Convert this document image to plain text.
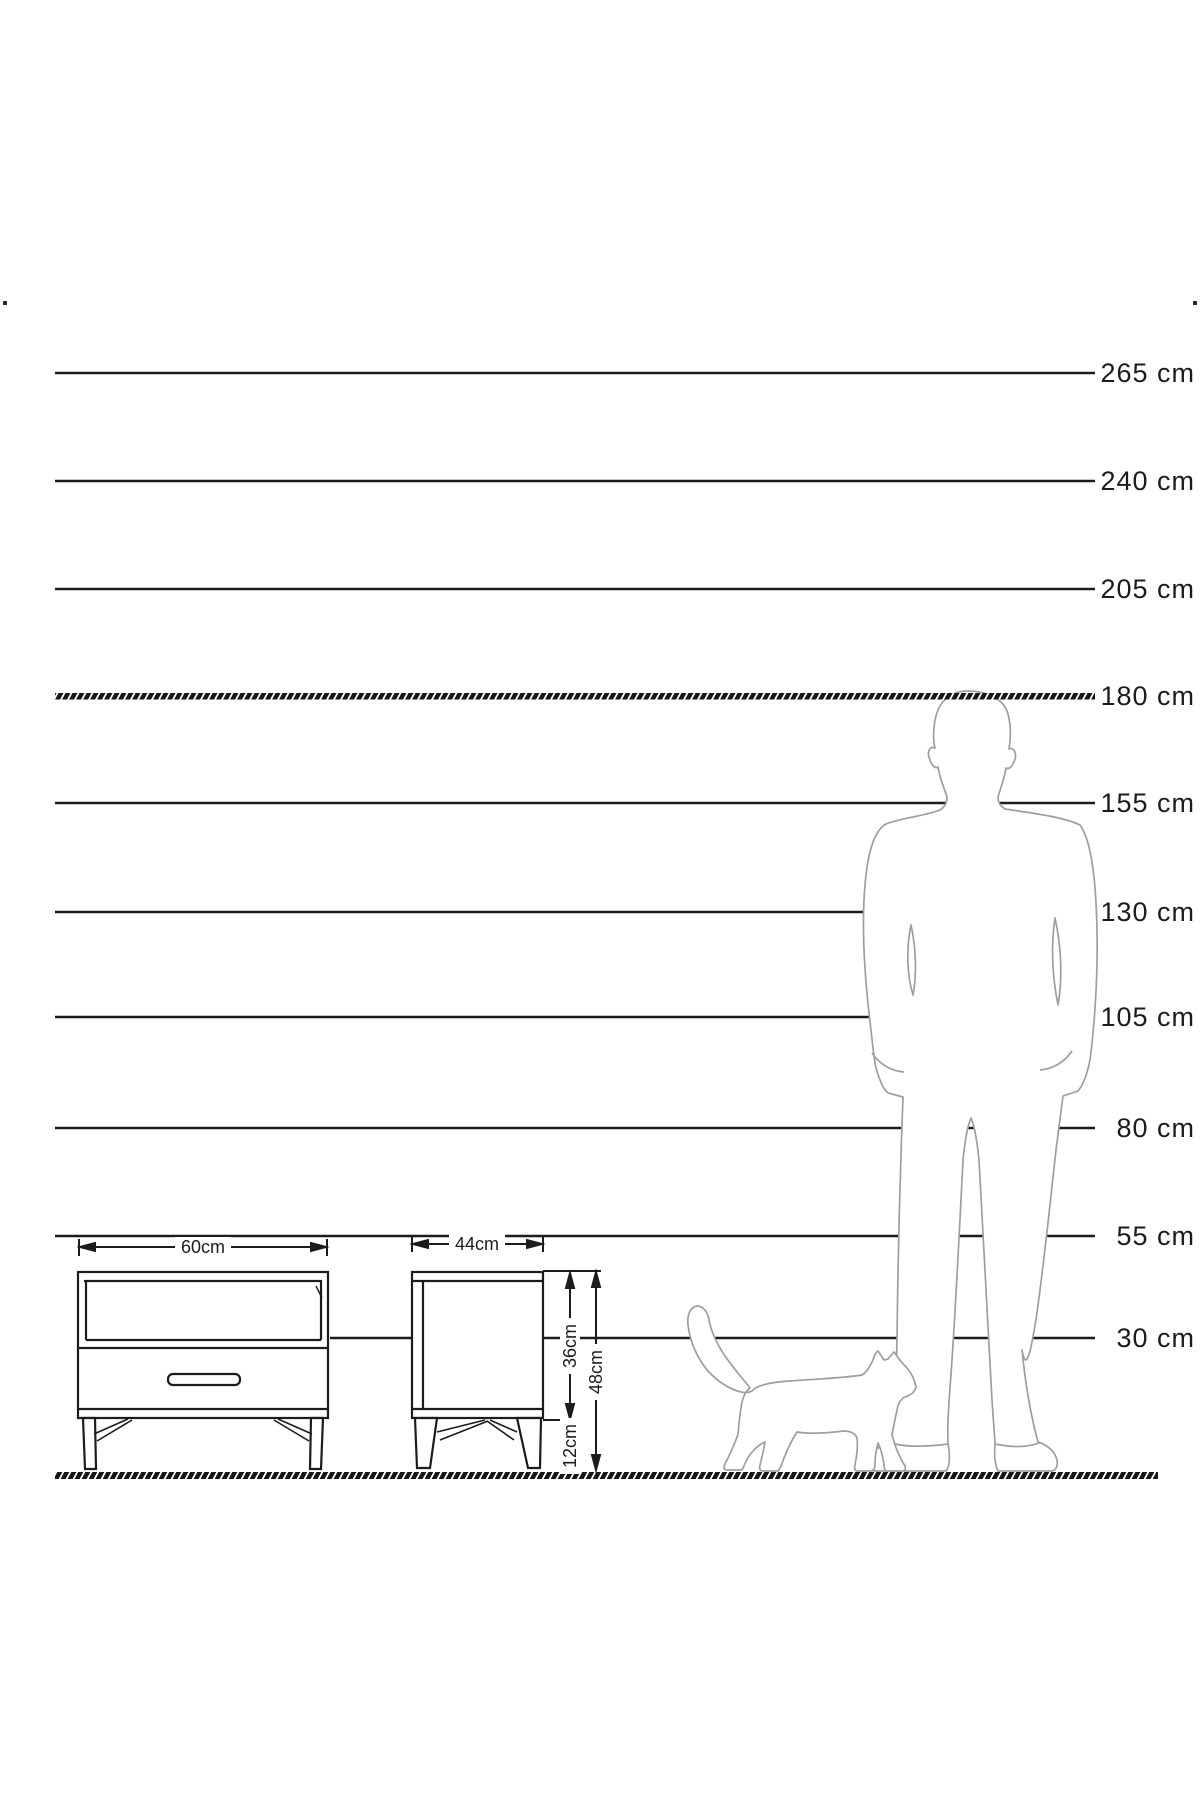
265 cm
240 cm
205 cm
180 cm
155 cm
130 cm
105 cm
80 cm
55 cm
30 cm
60cm	44cm
36cm
48cm
12cm
